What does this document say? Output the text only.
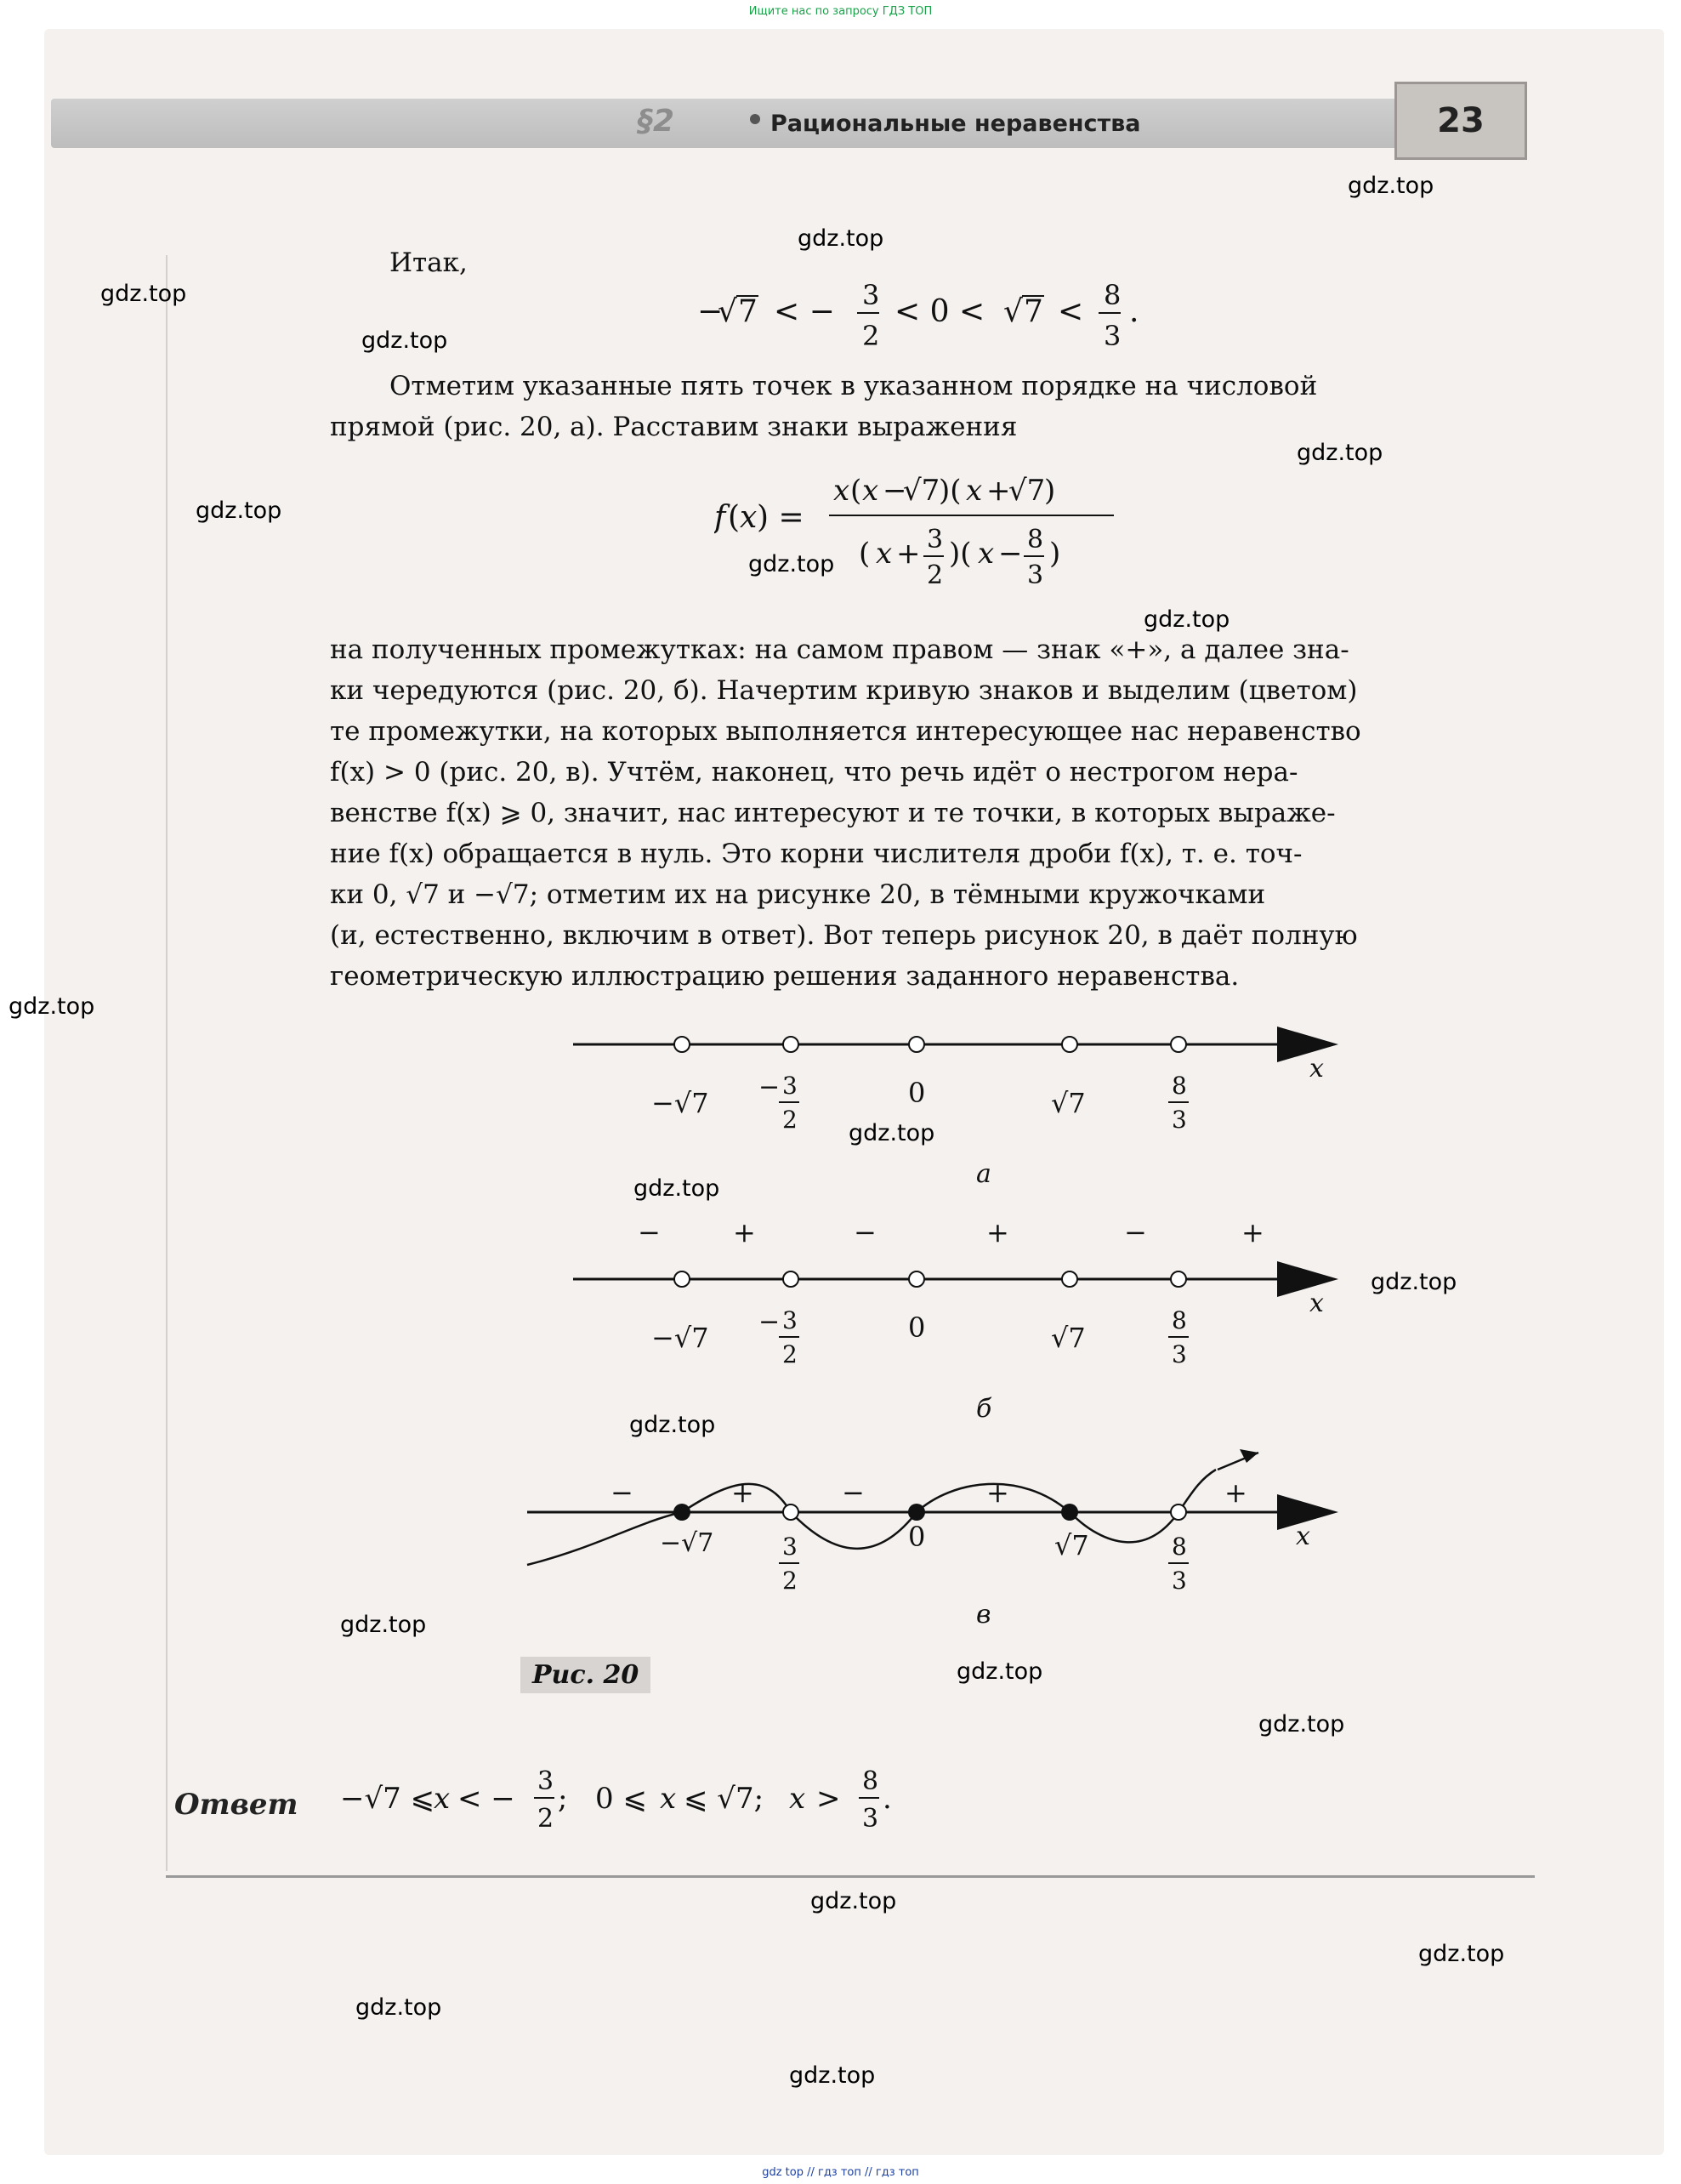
Ищите нас по запросу ГДЗ ТОП
§2	Рациональные неравенства	23
Итак,
−
√ 7 < − 3
2
< 0 < √ 7 < 8
3
.
Отметим указанные пять точек в указанном порядке на числовой
прямой (рис. 20, а). Расставим знаки выражения
f ( x ) =
x ( x −
√7
)( x +
√7
)
( x + 3
2
)( x − 8
3
)
на полученных промежутках: на самом правом — знак «+», а далее зна-
ки чередуются (рис. 20, б). Начертим кривую знаков и выделим (цветом)
те промежутки, на которых выполняется интересующее нас неравенство
f(x) > 0 (рис. 20, в). Учтём, наконец, что речь идёт о нестрогом нера-
венстве f(x) ⩾ 0, значит, нас интересуют и те точки, в которых выраже-
ние f(x) обращается в нуль. Это корни числителя дроби f(x), т. е. точ-
ки 0, √7 и −√7; отметим их на рисунке 20, в тёмными кружочками
(и, естественно, включим в ответ). Вот теперь рисунок 20, в даёт полную
геометрическую иллюстрацию решения заданного неравенства.
x
−√7 − 3
2
0	√7
8
3
а
−	+	−	+	−	+
x
−√7 − 3
2
0	√7
8
3
б
−	+	−	+	+
x
−√7	3
2
0	√7	8
3
в
Рис. 20
Ответ −√7 ⩽
x < −
3
2
; 0 ⩽ x ⩽ √7; x >
8
3
.
gdz.top
gdz.top
gdz.top
gdz.top
gdz.top
gdz.top
gdz.top
gdz.top
gdz.top
gdz.top
gdz.top
gdz.top
gdz.top
gdz.top
gdz.top
gdz.top
gdz.top
gdz.top
gdz.top
gdz.top
gdz top // гдз топ // гдз топ
